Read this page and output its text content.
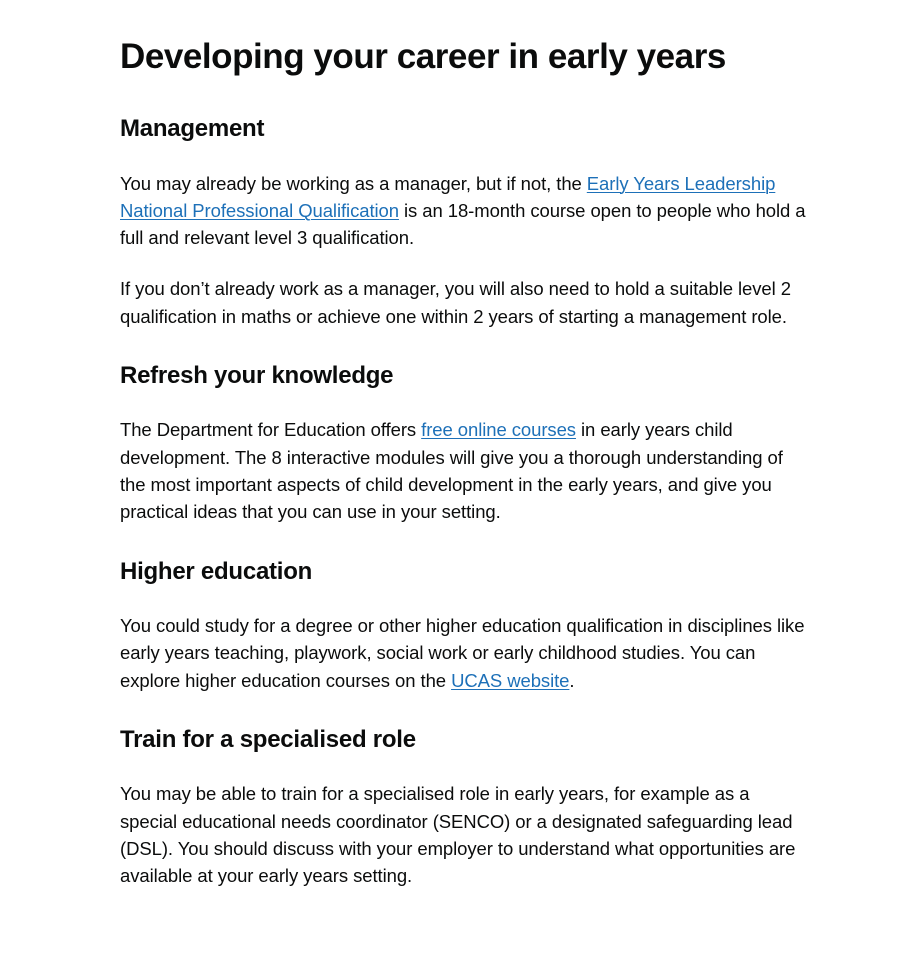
Developing your career in early years
Management

You may already be working as a manager, but if not, the Early Years Leadership National Professional Qualification is an 18-month course open to people who hold a full and relevant level 3 qualification.

If you don’t already work as a manager, you will also need to hold a suitable level 2 qualification in maths or achieve one within 2 years of starting a management role.

Refresh your knowledge

The Department for Education offers free online courses in early years child development. The 8 interactive modules will give you a thorough understanding of the most important aspects of child development in the early years, and give you practical ideas that you can use in your setting.

Higher education

You could study for a degree or other higher education qualification in disciplines like early years teaching, playwork, social work or early childhood studies. You can explore higher education courses on the UCAS website.

Train for a specialised role

You may be able to train for a specialised role in early years, for example as a special educational needs coordinator (SENCO) or a designated safeguarding lead (DSL). You should discuss with your employer to understand what opportunities are available at your early years setting.
